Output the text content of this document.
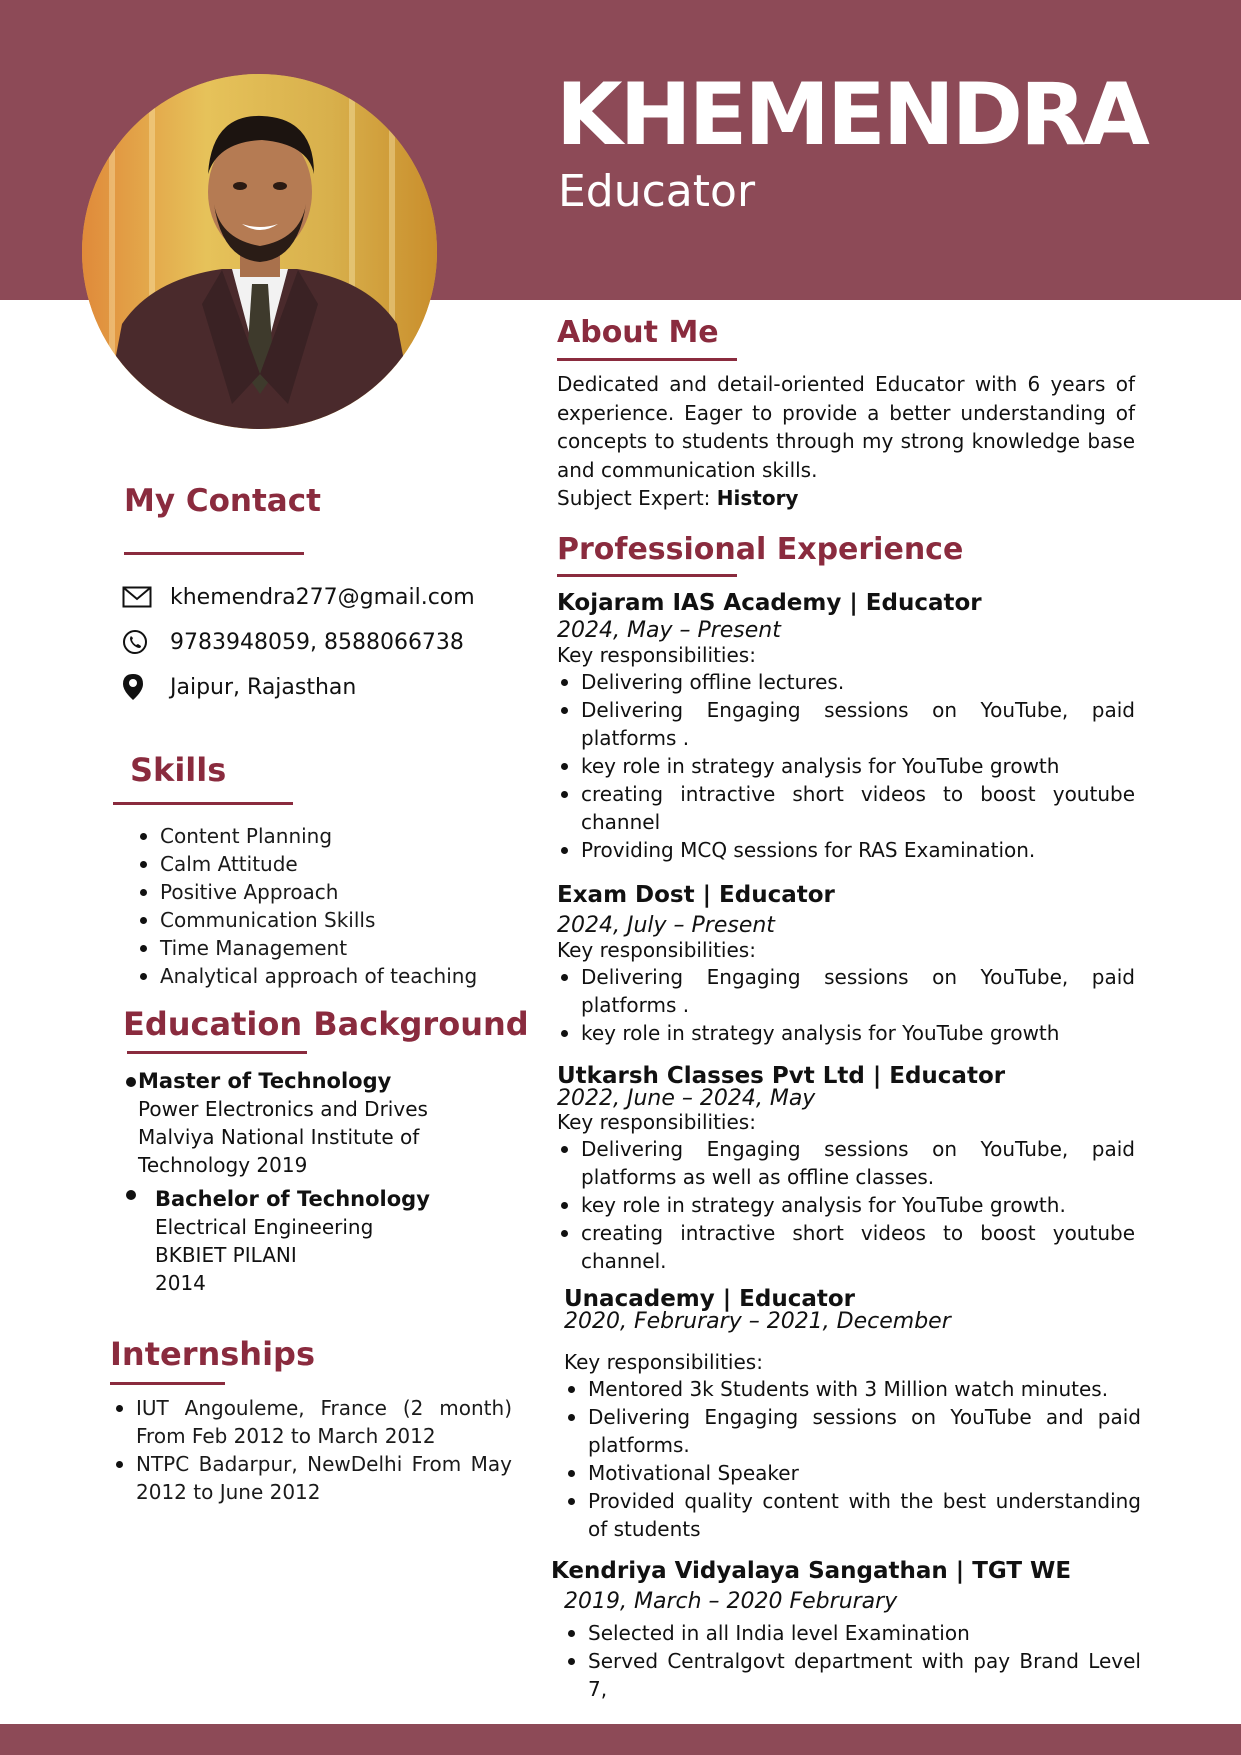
KHEMENDRA
Educator
My Contact
khemendra277@gmail.com
9783948059, 8588066738
Jaipur, Rajasthan
Skills
Content Planning
Calm Attitude
Positive Approach
Communication Skills
Time Management
Analytical approach of teaching
Education Background
Master of Technology
Power Electronics and Drives
Malviya National Institute of
Technology 2019
Bachelor of Technology
Electrical Engineering
BKBIET PILANI
2014
Internships
IUT Angouleme, France (2 month) From Feb 2012 to March 2012
NTPC Badarpur, NewDelhi From May 2012 to June 2012
About Me
Dedicated and detail-oriented Educator with 6 years of experience. Eager to provide a better understanding of concepts to students through my strong knowledge base and communication skills.
Subject Expert: History
Professional Experience
Kojaram IAS Academy | Educator
2024, May – Present
Key responsibilities:
Delivering offline lectures.
Delivering Engaging sessions on YouTube, paid platforms .
key role in strategy analysis for YouTube growth
creating intractive short videos to boost youtube channel
Providing MCQ sessions for RAS Examination.
Exam Dost | Educator
2024, July – Present
Key responsibilities:
Delivering Engaging sessions on YouTube, paid platforms .
key role in strategy analysis for YouTube growth
Utkarsh Classes Pvt Ltd | Educator
2022, June – 2024, May
Key responsibilities:
Delivering Engaging sessions on YouTube, paid platforms as well as offline classes.
key role in strategy analysis for YouTube growth.
creating intractive short videos to boost youtube channel.
Unacademy | Educator
2020, Februrary – 2021, December
Key responsibilities:
Mentored 3k Students with 3 Million watch minutes.
Delivering Engaging sessions on YouTube and paid platforms.
Motivational Speaker
Provided quality content with the best understanding of students
Kendriya Vidyalaya Sangathan | TGT WE
2019, March – 2020 Februrary
Selected in all India level Examination
Served Centralgovt department with pay Brand Level 7,
